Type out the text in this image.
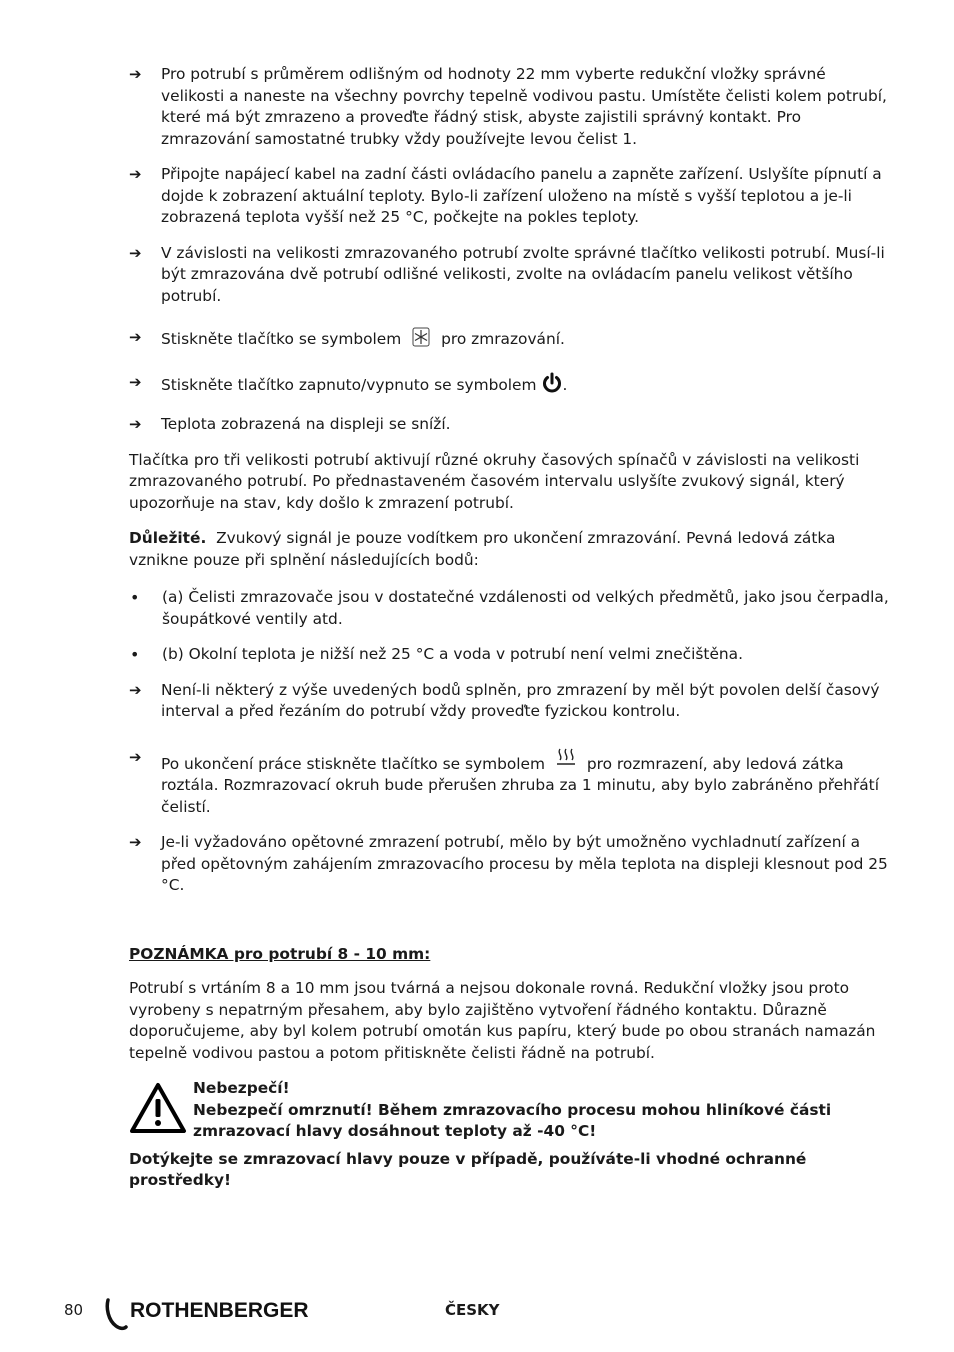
➔	Pro potrubí s průměrem odlišným od hodnoty 22 mm vyberte redukční vložky správné velikosti a naneste na všechny povrchy tepelně vodivou pastu. Umístěte čelisti kolem potrubí, které má být zmrazeno a proveďte řádný stisk, abyste zajistili správný kontakt. Pro zmrazování samostatné trubky vždy používejte levou čelist 1.

➔	Připojte napájecí kabel na zadní části ovládacího panelu a zapněte zařízení. Uslyšíte pípnutí a dojde k zobrazení aktuální teploty. Bylo-li zařízení uloženo na místě s vyšší teplotou a je-li zobrazená teplota vyšší než 25 °C, počkejte na pokles teploty.

➔	V závislosti na velikosti zmrazovaného potrubí zvolte správné tlačítko velikosti potrubí. Musí-li být zmrazována dvě potrubí odlišné velikosti, zvolte na ovládacím panelu velikost většího potrubí.

➔	Stiskněte tlačítko se symbolem	pro zmrazování.

➔	Stiskněte tlačítko zapnuto/vypnuto se symbolem .

➔	Teplota zobrazená na displeji se sníží.

Tlačítka pro tři velikosti potrubí aktivují různé okruhy časových spínačů v závislosti na velikosti zmrazovaného potrubí. Po přednastaveném časovém intervalu uslyšíte zvukový signál, který upozorňuje na stav, kdy došlo k zmrazení potrubí.

Důležité. Zvukový signál je pouze vodítkem pro ukončení zmrazování. Pevná ledová zátka vznikne pouze při splnění následujících bodů:

•	(a) Čelisti zmrazovače jsou v dostatečné vzdálenosti od velkých předmětů, jako jsou čerpadla, šoupátkové ventily atd.

•	(b) Okolní teplota je nižší než 25 °C a voda v potrubí není velmi znečištěna.

➔	Není-li některý z výše uvedených bodů splněn, pro zmrazení by měl být povolen delší časový interval a před řezáním do potrubí vždy proveďte fyzickou kontrolu.

➔	Po ukončení práce stiskněte tlačítko se symbolem	pro rozmrazení, aby ledová zátka roztála. Rozmrazovací okruh bude přerušen zhruba za 1 minutu, aby bylo zabráněno přehřátí čelistí.

➔	Je-li vyžadováno opětovné zmrazení potrubí, mělo by být umožněno vychladnutí zařízení a před opětovným zahájením zmrazovacího procesu by měla teplota na displeji klesnout pod 25 °C.

POZNÁMKA pro potrubí 8 - 10 mm:

Potrubí s vrtáním 8 a 10 mm jsou tvárná a nejsou dokonale rovná. Redukční vložky jsou proto vyrobeny s nepatrným přesahem, aby bylo zajištěno vytvoření řádného kontaktu. Důrazně doporučujeme, aby byl kolem potrubí omotán kus papíru, který bude po obou stranách namazán tepelně vodivou pastou a potom přitiskněte čelisti řádně na potrubí.

Nebezpečí!
Nebezpečí omrznutí! Během zmrazovacího procesu mohou hliníkové části zmrazovací hlavy dosáhnout teploty až -40 °C!

Dotýkejte se zmrazovací hlavy pouze v případě, používáte-li vhodné ochranné prostředky!

80 ROTHENBERGER	ČESKY
